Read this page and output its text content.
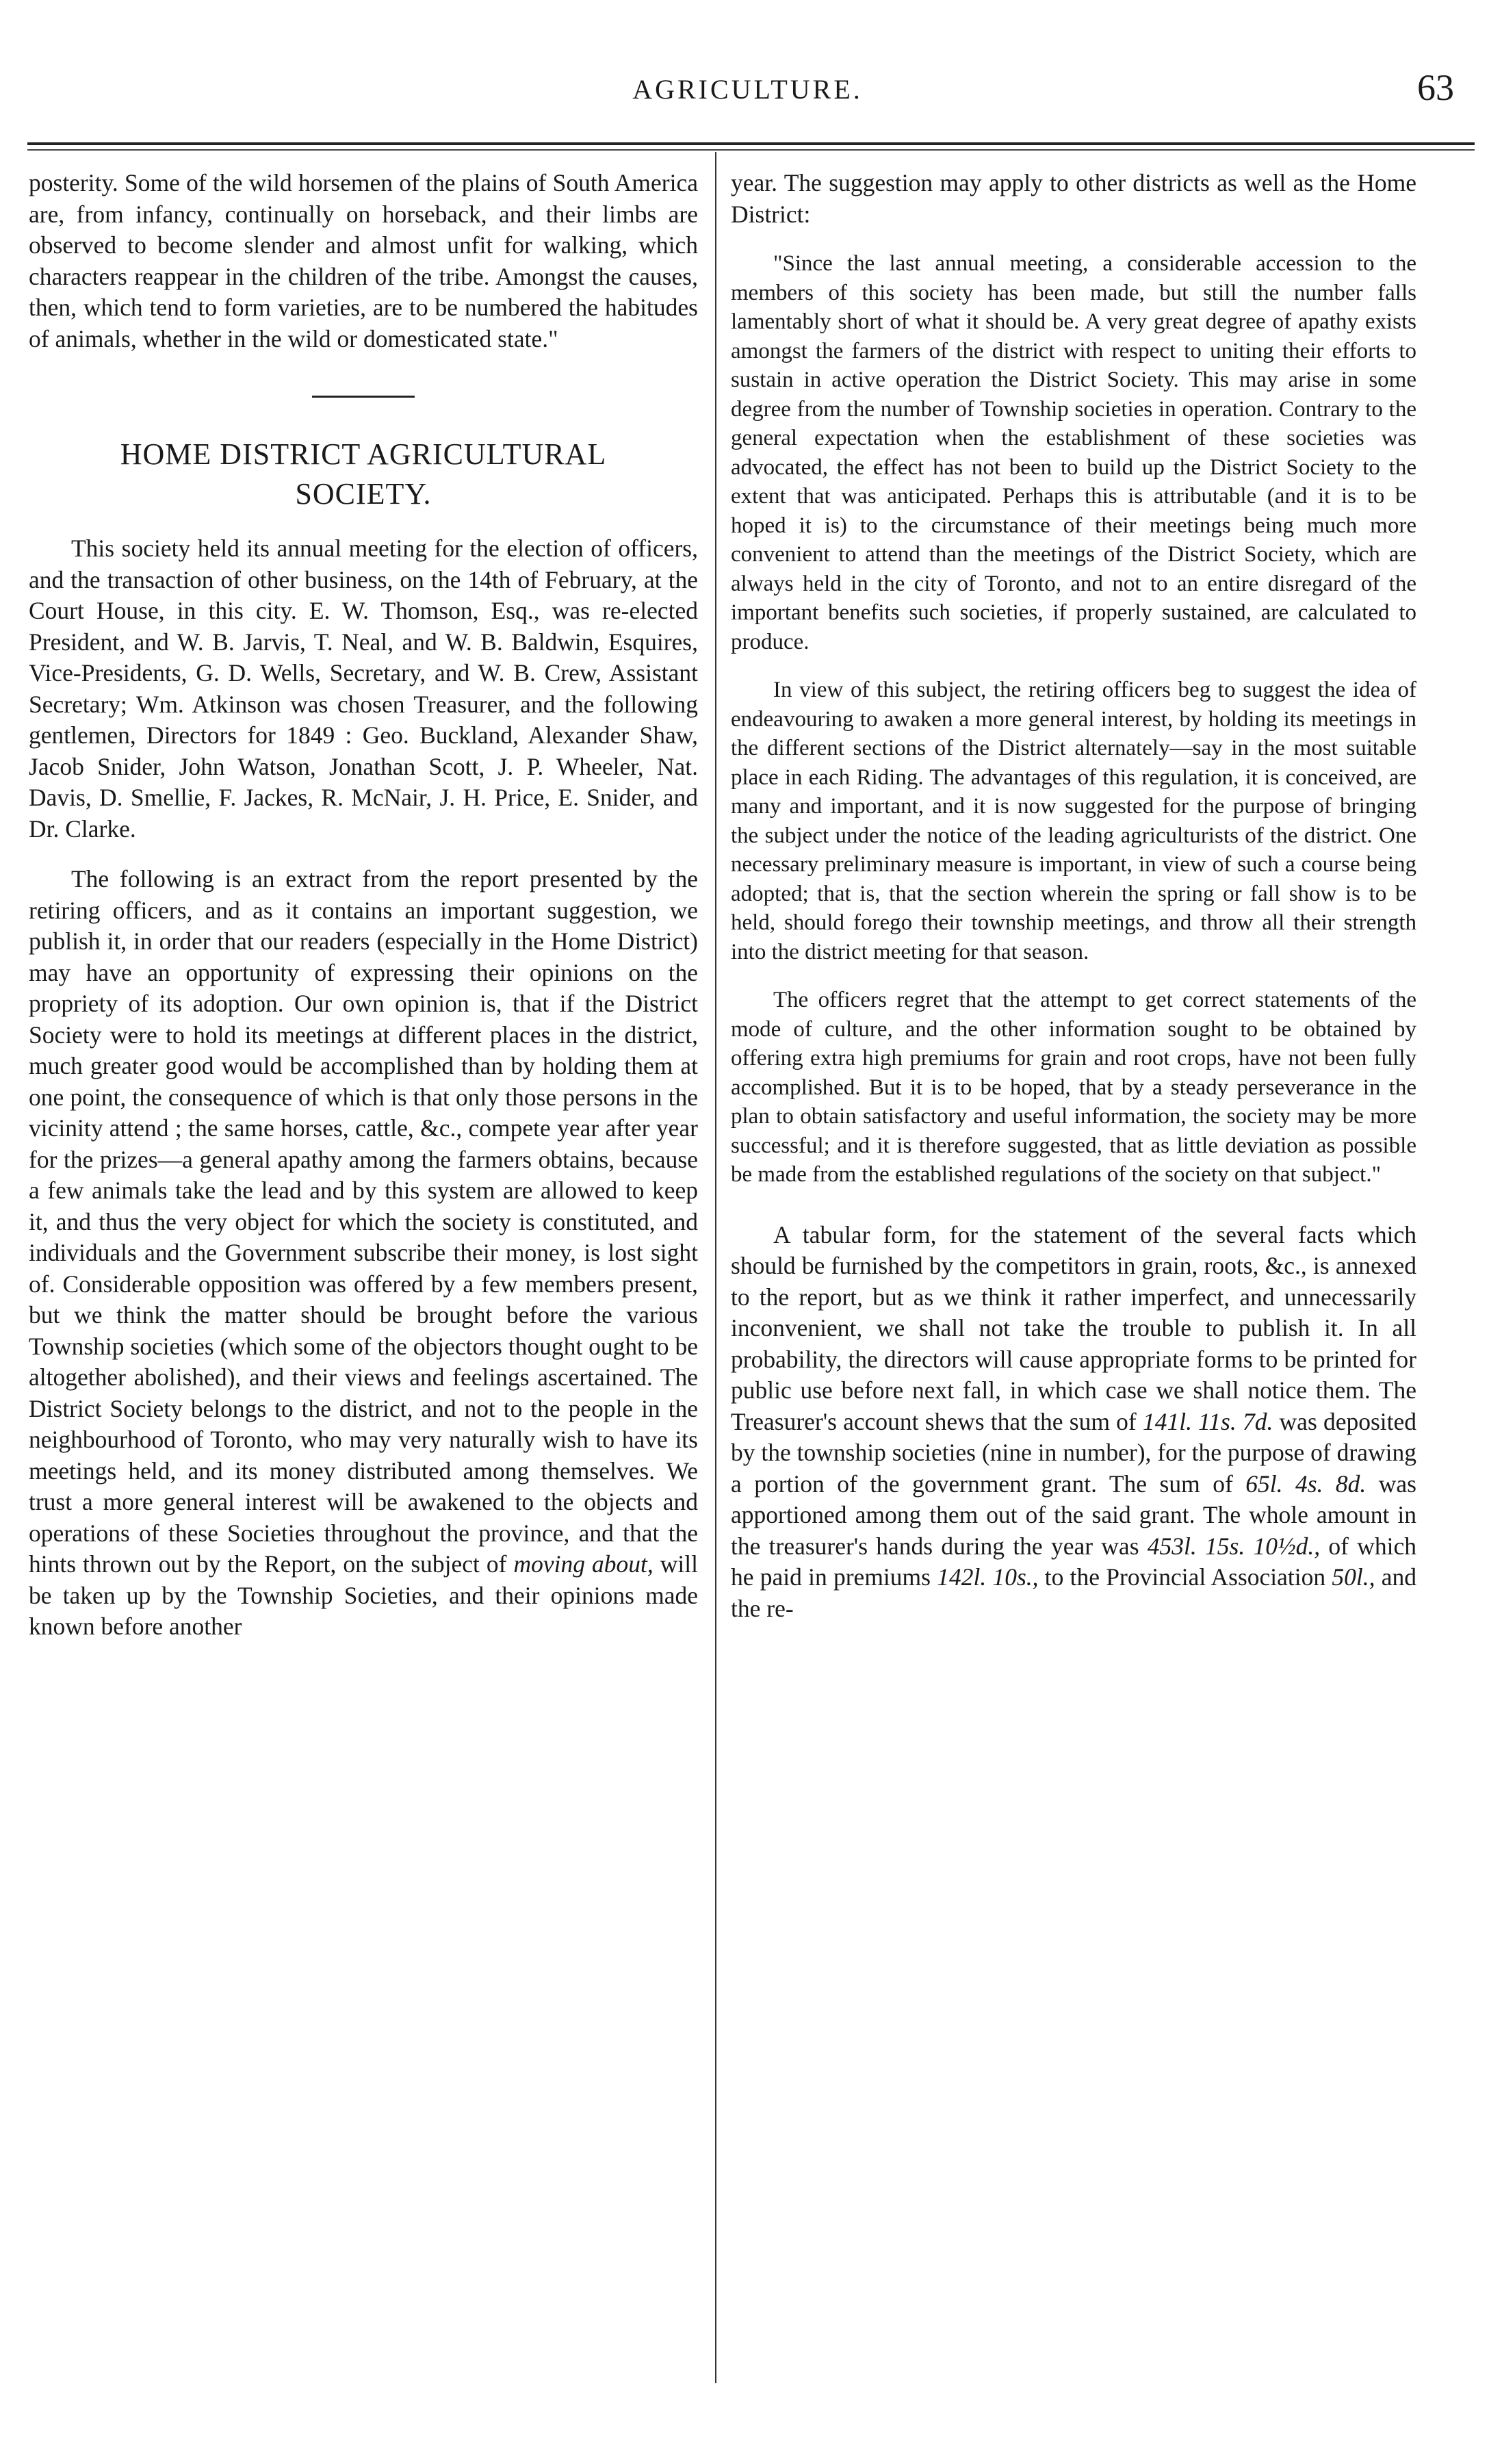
AGRICULTURE.	63

posterity. Some of the wild horsemen of the plains of South America are, from infancy, continually on horseback, and their limbs are observed to become slender and almost unfit for walking, which characters reappear in the children of the tribe. Amongst the causes, then, which tend to form varieties, are to be numbered the habitudes of animals, whether in the wild or domesticated state."

HOME DISTRICT AGRICULTURAL
SOCIETY.

This society held its annual meeting for the election of officers, and the transaction of other business, on the 14th of February, at the Court House, in this city. E. W. Thomson, Esq., was re-elected President, and W. B. Jarvis, T. Neal, and W. B. Baldwin, Esquires, Vice-Presidents, G. D. Wells, Secretary, and W. B. Crew, Assistant Secretary; Wm. Atkinson was chosen Treasurer, and the following gentlemen, Directors for 1849 : Geo. Buckland, Alexander Shaw, Jacob Snider, John Watson, Jonathan Scott, J. P. Wheeler, Nat. Davis, D. Smellie, F. Jackes, R. McNair, J. H. Price, E. Snider, and Dr. Clarke.

The following is an extract from the report presented by the retiring officers, and as it contains an important suggestion, we publish it, in order that our readers (especially in the Home District) may have an opportunity of expressing their opinions on the propriety of its adoption. Our own opinion is, that if the District Society were to hold its meetings at different places in the district, much greater good would be accomplished than by holding them at one point, the consequence of which is that only those persons in the vicinity attend ; the same horses, cattle, &c., compete year after year for the prizes—a general apathy among the farmers obtains, because a few animals take the lead and by this system are allowed to keep it, and thus the very object for which the society is constituted, and individuals and the Government subscribe their money, is lost sight of. Considerable opposition was offered by a few members present, but we think the matter should be brought before the various Township societies (which some of the objectors thought ought to be altogether abolished), and their views and feelings ascertained. The District Society belongs to the district, and not to the people in the neighbourhood of Toronto, who may very naturally wish to have its meetings held, and its money distributed among themselves. We trust a more general interest will be awakened to the objects and operations of these Societies throughout the province, and that the hints thrown out by the Report, on the subject of moving about, will be taken up by the Township Societies, and their opinions made known before another

year. The suggestion may apply to other districts as well as the Home District:

"Since the last annual meeting, a considerable accession to the members of this society has been made, but still the number falls lamentably short of what it should be. A very great degree of apathy exists amongst the farmers of the district with respect to uniting their efforts to sustain in active operation the District Society. This may arise in some degree from the number of Township societies in operation. Contrary to the general expectation when the establishment of these societies was advocated, the effect has not been to build up the District Society to the extent that was anticipated. Perhaps this is attributable (and it is to be hoped it is) to the circumstance of their meetings being much more convenient to attend than the meetings of the District Society, which are always held in the city of Toronto, and not to an entire disregard of the important benefits such societies, if properly sustained, are calculated to produce.

In view of this subject, the retiring officers beg to suggest the idea of endeavouring to awaken a more general interest, by holding its meetings in the different sections of the District alternately—say in the most suitable place in each Riding. The advantages of this regulation, it is conceived, are many and important, and it is now suggested for the purpose of bringing the subject under the notice of the leading agriculturists of the district. One necessary preliminary measure is important, in view of such a course being adopted; that is, that the section wherein the spring or fall show is to be held, should forego their township meetings, and throw all their strength into the district meeting for that season.

The officers regret that the attempt to get correct statements of the mode of culture, and the other information sought to be obtained by offering extra high premiums for grain and root crops, have not been fully accomplished. But it is to be hoped, that by a steady perseverance in the plan to obtain satisfactory and useful information, the society may be more successful; and it is therefore suggested, that as little deviation as possible be made from the established regulations of the society on that subject."

A tabular form, for the statement of the several facts which should be furnished by the competitors in grain, roots, &c., is annexed to the report, but as we think it rather imperfect, and unnecessarily inconvenient, we shall not take the trouble to publish it. In all probability, the directors will cause appropriate forms to be printed for public use before next fall, in which case we shall notice them. The Treasurer's account shews that the sum of 141l. 11s. 7d. was deposited by the township societies (nine in number), for the purpose of drawing a portion of the government grant. The sum of 65l. 4s. 8d. was apportioned among them out of the said grant. The whole amount in the treasurer's hands during the year was 453l. 15s. 10½d., of which he paid in premiums 142l. 10s., to the Provincial Association 50l., and the re-
